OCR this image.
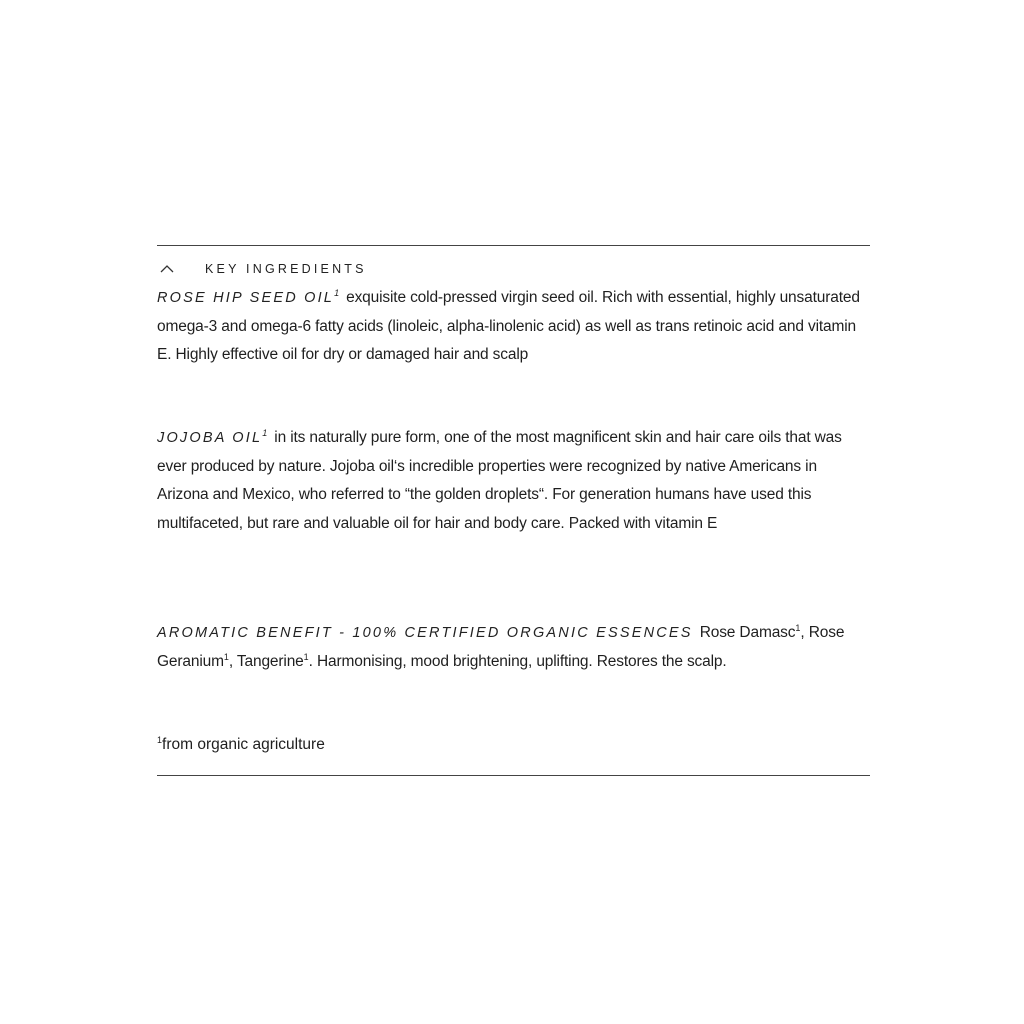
KEY INGREDIENTS
ROSE HIP SEED OIL$^1$ exquisite cold-pressed virgin seed oil. Rich with essential, highly unsaturated omega-3 and omega-6 fatty acids (linoleic, alpha-linolenic acid) as well as trans retinoic acid and vitamin E. Highly effective oil for dry or damaged hair and scalp
JOJOBA OIL$^1$ in its naturally pure form, one of the most magnificent skin and hair care oils that was ever produced by nature. Jojoba oil‘s incredible properties were recognized by native Americans in Arizona and Mexico, who referred to “the golden droplets“. For generation humans have used this multifaceted, but rare and valuable oil for hair and body care. Packed with vitamin E
AROMATIC BENEFIT - 100% CERTIFIED ORGANIC ESSENCES Rose Damasc$^1$, Rose Geranium$^1$, Tangerine$^1$. Harmonising, mood brightening, uplifting. Restores the scalp.
$^1$from organic agriculture
